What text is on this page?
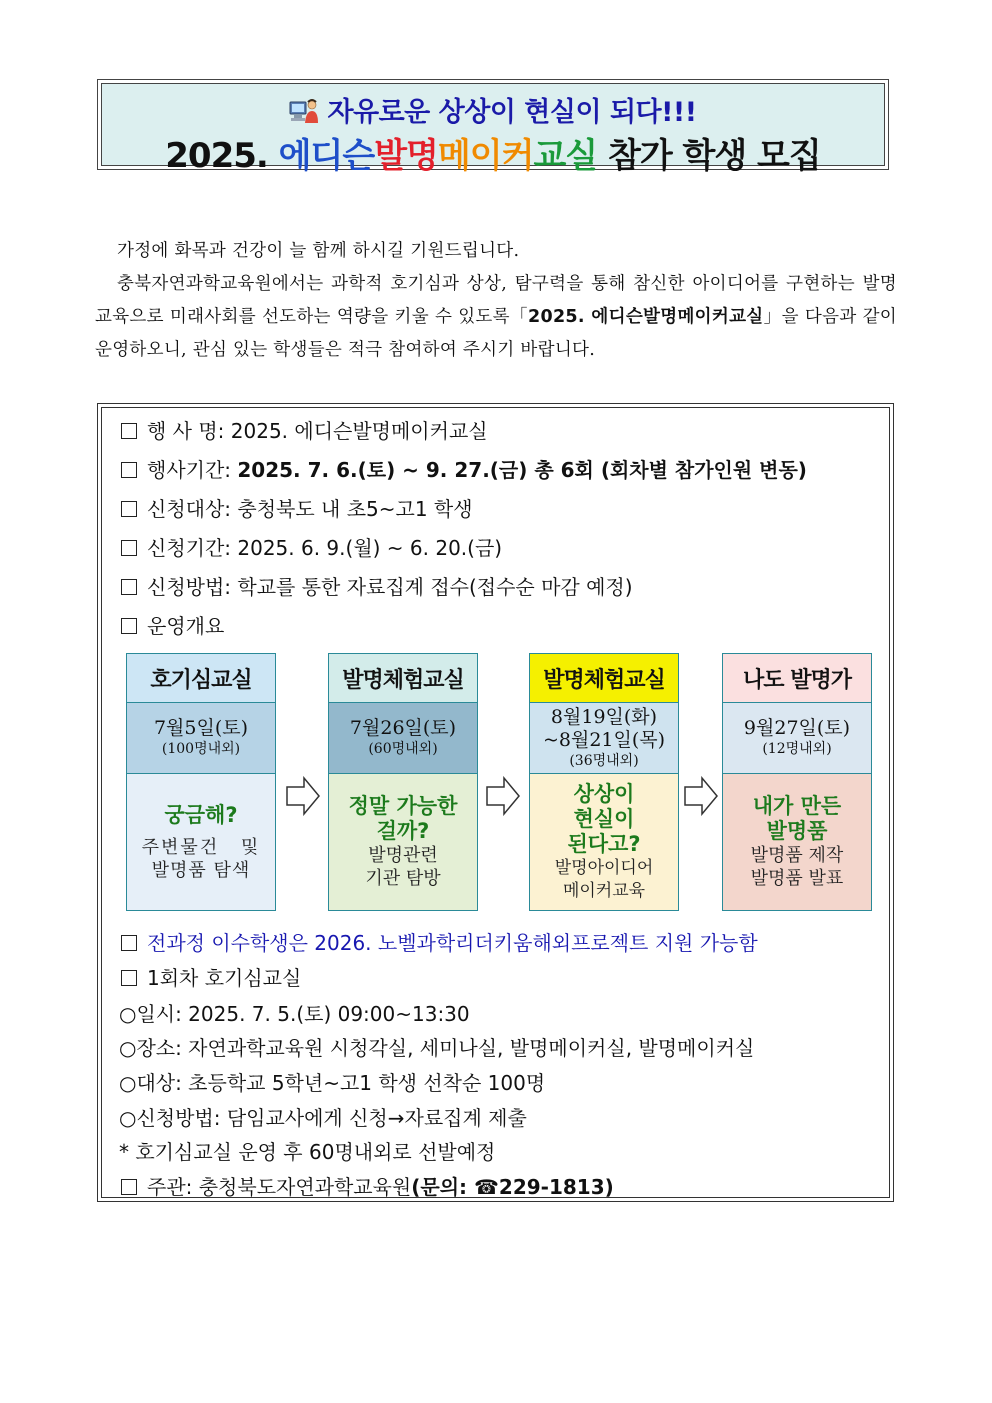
자유로운 상상이 현실이 되다!!!
2025. 에디슨발명메이커교실 참가 학생 모집

가정에 화목과 건강이 늘 함께 하시길 기원드립니다.

충북자연과학교육원에서는 과학적 호기심과 상상, 탐구력을 통해 참신한 아이디어를 구현하는 발명교육으로 미래사회를 선도하는 역량을 키울 수 있도록「2025. 에디슨발명메이커교실」을 다음과 같이 운영하오니, 관심 있는 학생들은 적극 참여하여 주시기 바랍니다.

행 사 명: 2025. 에디슨발명메이커교실
행사기간: 2025. 7. 6.(토) ~ 9. 27.(금) 총 6회 (회차별 참가인원 변동)
신청대상: 충청북도 내 초5~고1 학생
신청기간: 2025. 6. 9.(월) ~ 6. 20.(금)
신청방법: 학교를 통한 자료집계 접수(접수순 마감 예정)
운영개요
호기심교실
7월5일(토)
(100명내외)
궁금해?
주변물건 및
발명품 탐색
발명체험교실
7월26일(토)
(60명내외)
정말 가능한 걸까?
발명관련
기관 탐방
발명체험교실
8월19일(화)
~8월21일(목)
(36명내외)
상상이 현실이 된다고?
발명아이디어
메이커교육
나도 발명가
9월27일(토)
(12명내외)
내가 만든 발명품
발명품 제작
발명품 발표
전과정 이수학생은 2026. 노벨과학리더키움해외프로젝트 지원 가능함
1회차 호기심교실
○일시: 2025. 7. 5.(토) 09:00~13:30
○장소: 자연과학교육원 시청각실, 세미나실, 발명메이커실, 발명메이커실
○대상: 초등학교 5학년~고1 학생 선착순 100명
○신청방법: 담임교사에게 신청→자료집계 제출
* 호기심교실 운영 후 60명내외로 선발예정
주관: 충청북도자연과학교육원(문의: ☎229-1813)
